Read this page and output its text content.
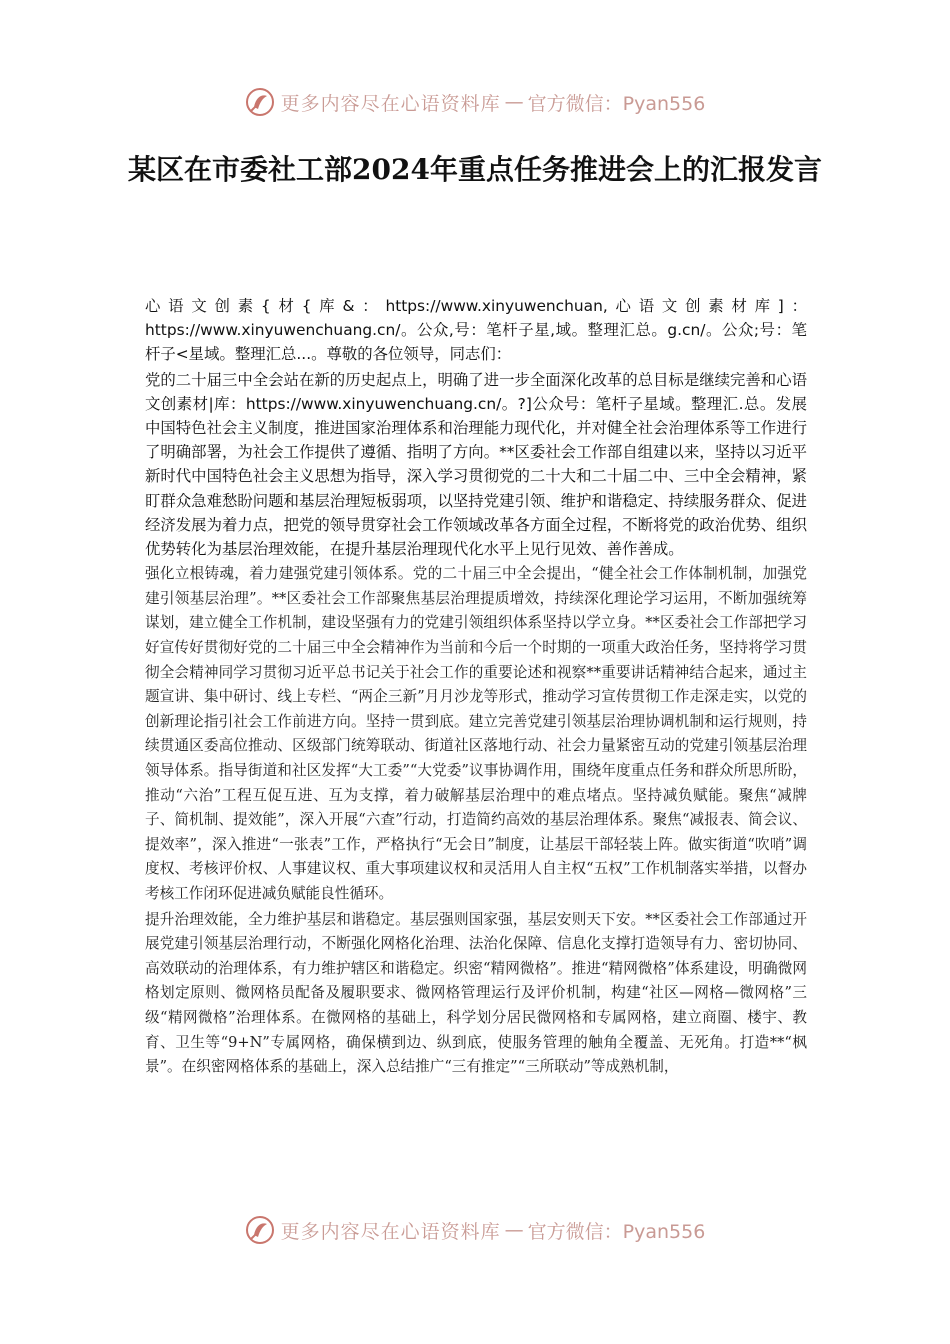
更多内容尽在心语资料库 — 官方微信：Pyan556
某区在市委社工部2024年重点任务推进会上的汇报发言

心语文创素{材{库&：https://www.xinyuwenchuan,心语文创素材库]：https://www.xinyuwenchuang.cn/。公众,号：笔杆子星,域。整理汇总。g.cn/。公众;号：笔杆子<星域。整理汇总...。尊敬的各位领导，同志们：

党的二十届三中全会站在新的历史起点上，明确了进一步全面深化改革的总目标是继续完善和心语文创素材|库：https://www.xinyuwenchuang.cn/。?]公众号：笔杆子星域。整理汇.总。发展中国特色社会主义制度，推进国家治理体系和治理能力现代化，并对健全社会治理体系等工作进行了明确部署，为社会工作提供了遵循、指明了方向。**区委社会工作部自组建以来，坚持以习近平新时代中国特色社会主义思想为指导，深入学习贯彻党的二十大和二十届二中、三中全会精神，紧盯群众急难愁盼问题和基层治理短板弱项，以坚持党建引领、维护和谐稳定、持续服务群众、促进经济发展为着力点，把党的领导贯穿社会工作领域改革各方面全过程，不断将党的政治优势、组织优势转化为基层治理效能，在提升基层治理现代化水平上见行见效、善作善成。

强化立根铸魂，着力建强党建引领体系。党的二十届三中全会提出，“健全社会工作体制机制，加强党建引领基层治理”。**区委社会工作部聚焦基层治理提质增效，持续深化理论学习运用，不断加强统筹谋划，建立健全工作机制，建设坚强有力的党建引领组织体系坚持以学立身。**区委社会工作部把学习好宣传好贯彻好党的二十届三中全会精神作为当前和今后一个时期的一项重大政治任务，坚持将学习贯彻全会精神同学习贯彻习近平总书记关于社会工作的重要论述和视察**重要讲话精神结合起来，通过主题宣讲、集中研讨、线上专栏、“两企三新”月月沙龙等形式，推动学习宣传贯彻工作走深走实，以党的创新理论指引社会工作前进方向。坚持一贯到底。建立完善党建引领基层治理协调机制和运行规则，持续贯通区委高位推动、区级部门统筹联动、街道社区落地行动、社会力量紧密互动的党建引领基层治理领导体系。指导街道和社区发挥“大工委”“大党委”议事协调作用，围绕年度重点任务和群众所思所盼，推动“六治”工程互促互进、互为支撑，着力破解基层治理中的难点堵点。坚持减负赋能。聚焦“减牌子、简机制、提效能”，深入开展“六查”行动，打造简约高效的基层治理体系。聚焦“减报表、简会议、提效率”，深入推进“一张表”工作，严格执行“无会日”制度，让基层干部轻装上阵。做实街道“吹哨”调度权、考核评价权、人事建议权、重大事项建议权和灵活用人自主权“五权”工作机制落实举措，以督办考核工作闭环促进减负赋能良性循环。

提升治理效能，全力维护基层和谐稳定。基层强则国家强，基层安则天下安。**区委社会工作部通过开展党建引领基层治理行动，不断强化网格化治理、法治化保障、信息化支撑打造领导有力、密切协同、高效联动的治理体系，有力维护辖区和谐稳定。织密“精网微格”。推进“精网微格”体系建设，明确微网格划定原则、微网格员配备及履职要求、微网格管理运行及评价机制，构建“社区—网格—微网格”三级“精网微格”治理体系。在微网格的基础上，科学划分居民微网格和专属网格，建立商圈、楼宇、教育、卫生等“9+N”专属网格，确保横到边、纵到底，使服务管理的触角全覆盖、无死角。打造**“枫景”。在织密网格体系的基础上，深入总结推广“三有推定”“三所联动”等成熟机制，

更多内容尽在心语资料库 — 官方微信：Pyan556
